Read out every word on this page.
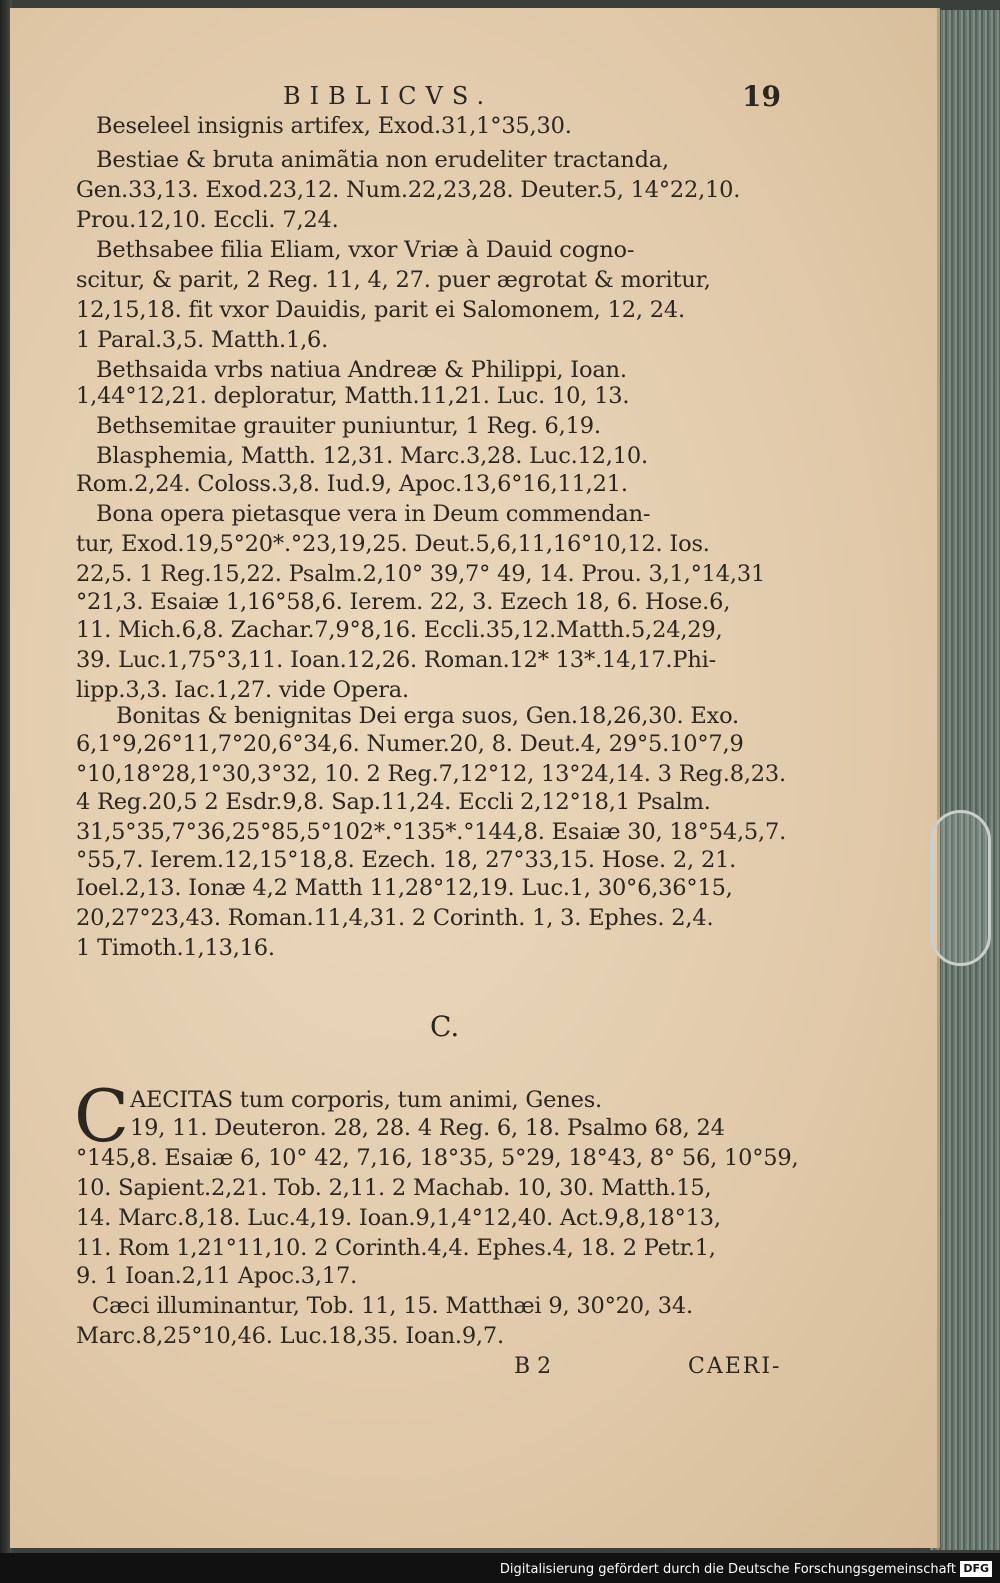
BIBLICVS.	19
Beseleel insignis artifex, Exod.31,1°35,30.
Bestiae & bruta animãtia non erudeliter tractanda,
Gen.33,13. Exod.23,12. Num.22,23,28. Deuter.5, 14°22,10.
Prou.12,10. Eccli. 7,24.
Bethsabee filia Eliam, vxor Vriæ à Dauid cogno-
scitur, & parit, 2 Reg. 11, 4, 27. puer ægrotat & moritur,
12,15,18. fit vxor Dauidis, parit ei Salomonem, 12, 24.
1 Paral.3,5. Matth.1,6.
Bethsaida vrbs natiua Andreæ & Philippi, Ioan.
1,44°12,21. deploratur, Matth.11,21. Luc. 10, 13.
Bethsemitae grauiter puniuntur, 1 Reg. 6,19.
Blasphemia, Matth. 12,31. Marc.3,28. Luc.12,10.
Rom.2,24. Coloss.3,8. Iud.9, Apoc.13,6°16,11,21.
Bona opera pietasque vera in Deum commendan-
tur, Exod.19,5°20*.°23,19,25. Deut.5,6,11,16°10,12. Ios.
22,5. 1 Reg.15,22. Psalm.2,10° 39,7° 49, 14. Prou. 3,1,°14,31
°21,3. Esaiæ 1,16°58,6. Ierem. 22, 3. Ezech 18, 6. Hose.6,
11. Mich.6,8. Zachar.7,9°8,16. Eccli.35,12.Matth.5,24,29,
39. Luc.1,75°3,11. Ioan.12,26. Roman.12* 13*.14,17.Phi-
lipp.3,3. Iac.1,27. vide Opera.
Bonitas & benignitas Dei erga suos, Gen.18,26,30. Exo.
6,1°9,26°11,7°20,6°34,6. Numer.20, 8. Deut.4, 29°5.10°7,9
°10,18°28,1°30,3°32, 10. 2 Reg.7,12°12, 13°24,14. 3 Reg.8,23.
4 Reg.20,5 2 Esdr.9,8. Sap.11,24. Eccli 2,12°18,1 Psalm.
31,5°35,7°36,25°85,5°102*.°135*.°144,8. Esaiæ 30, 18°54,5,7.
°55,7. Ierem.12,15°18,8. Ezech. 18, 27°33,15. Hose. 2, 21.
Ioel.2,13. Ionæ 4,2 Matth 11,28°12,19. Luc.1, 30°6,36°15,
20,27°23,43. Roman.11,4,31. 2 Corinth. 1, 3. Ephes. 2,4.
1 Timoth.1,13,16.
C.
C AECITAS tum corporis, tum animi, Genes.
19, 11. Deuteron. 28, 28. 4 Reg. 6, 18. Psalmo 68, 24
°145,8. Esaiæ 6, 10° 42, 7,16, 18°35, 5°29, 18°43, 8° 56, 10°59,
10. Sapient.2,21. Tob. 2,11. 2 Machab. 10, 30. Matth.15,
14. Marc.8,18. Luc.4,19. Ioan.9,1,4°12,40. Act.9,8,18°13,
11. Rom 1,21°11,10. 2 Corinth.4,4. Ephes.4, 18. 2 Petr.1,
9. 1 Ioan.2,11 Apoc.3,17.
Cæci illuminantur, Tob. 11, 15. Matthæi 9, 30°20, 34.
Marc.8,25°10,46. Luc.18,35. Ioan.9,7.
B 2	CAERI-
Digitalisierung gefördert durch die Deutsche Forschungsgemeinschaft DFG
